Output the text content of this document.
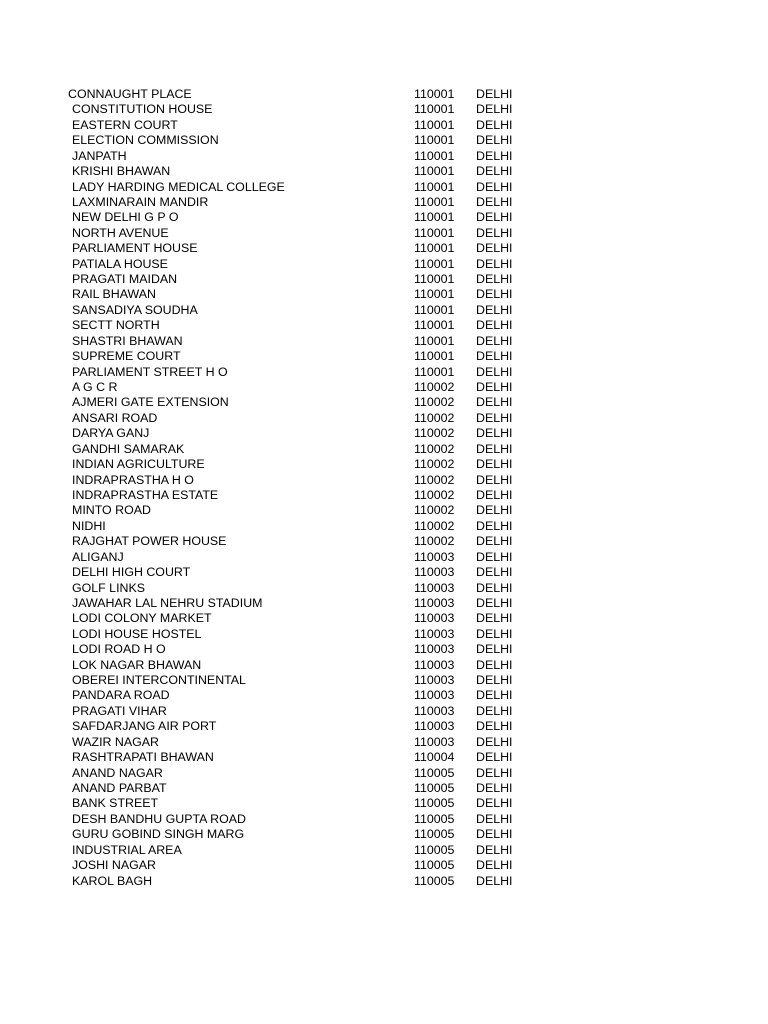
CONNAUGHT PLACE	110001 DELHI
CONSTITUTION HOUSE	110001 DELHI
EASTERN COURT	110001 DELHI
ELECTION COMMISSION	110001 DELHI
JANPATH	110001 DELHI
KRISHI BHAWAN	110001 DELHI
LADY HARDING MEDICAL COLLEGE	110001 DELHI
LAXMINARAIN MANDIR	110001 DELHI
NEW DELHI G P O	110001 DELHI
NORTH AVENUE	110001 DELHI
PARLIAMENT HOUSE	110001 DELHI
PATIALA HOUSE	110001 DELHI
PRAGATI MAIDAN	110001 DELHI
RAIL BHAWAN	110001 DELHI
SANSADIYA SOUDHA	110001 DELHI
SECTT NORTH	110001 DELHI
SHASTRI BHAWAN	110001 DELHI
SUPREME COURT	110001 DELHI
PARLIAMENT STREET H O	110001 DELHI
A G C R	110002 DELHI
AJMERI GATE EXTENSION	110002 DELHI
ANSARI ROAD	110002 DELHI
DARYA GANJ	110002 DELHI
GANDHI SAMARAK	110002 DELHI
INDIAN AGRICULTURE	110002 DELHI
INDRAPRASTHA H O	110002 DELHI
INDRAPRASTHA ESTATE	110002 DELHI
MINTO ROAD	110002 DELHI
NIDHI	110002 DELHI
RAJGHAT POWER HOUSE	110002 DELHI
ALIGANJ	110003 DELHI
DELHI HIGH COURT	110003 DELHI
GOLF LINKS	110003 DELHI
JAWAHAR LAL NEHRU STADIUM	110003 DELHI
LODI COLONY MARKET	110003 DELHI
LODI HOUSE HOSTEL	110003 DELHI
LODI ROAD H O	110003 DELHI
LOK NAGAR BHAWAN	110003 DELHI
OBEREI INTERCONTINENTAL	110003 DELHI
PANDARA ROAD	110003 DELHI
PRAGATI VIHAR	110003 DELHI
SAFDARJANG AIR PORT	110003 DELHI
WAZIR NAGAR	110003 DELHI
RASHTRAPATI BHAWAN	110004 DELHI
ANAND NAGAR	110005 DELHI
ANAND PARBAT	110005 DELHI
BANK STREET	110005 DELHI
DESH BANDHU GUPTA ROAD	110005 DELHI
GURU GOBIND SINGH MARG	110005 DELHI
INDUSTRIAL AREA	110005 DELHI
JOSHI NAGAR	110005 DELHI
KAROL BAGH	110005 DELHI
